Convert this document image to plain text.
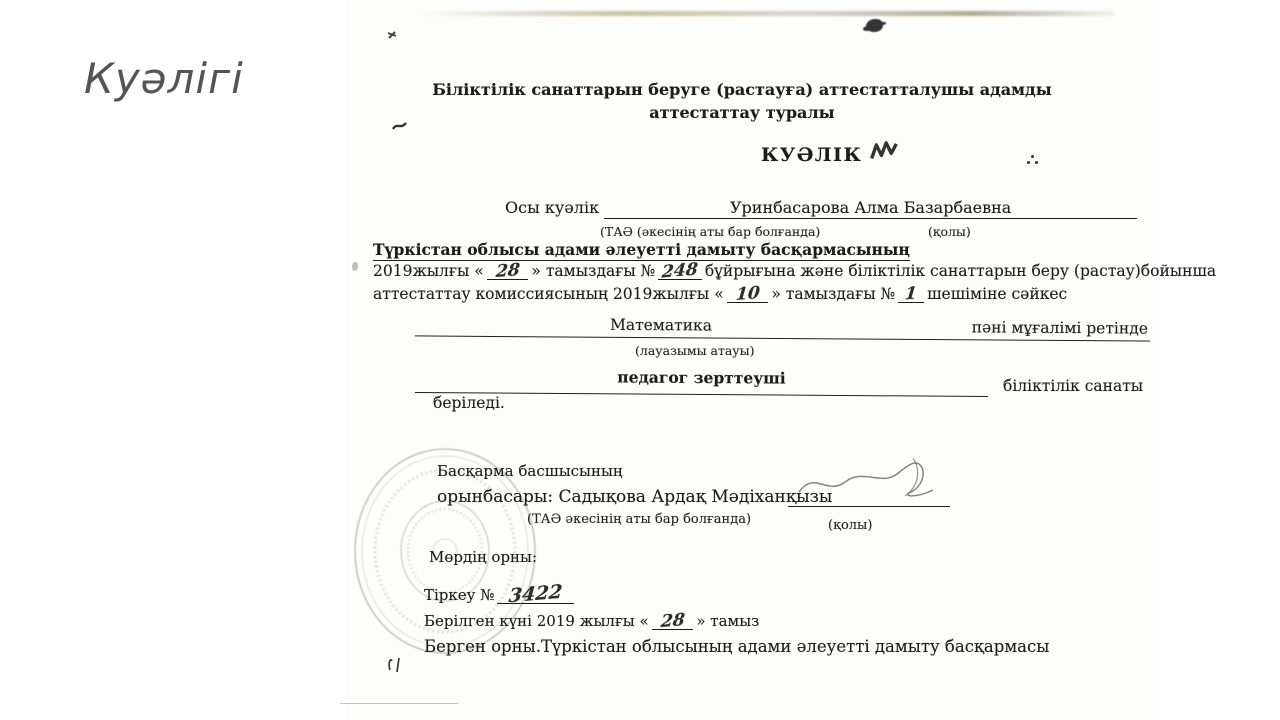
Куәлігі	Біліктілік санаттарын беруге (растауға) аттестатталушы адамды
аттестаттау туралы
КУӘЛІК
Осы куәлік	Уринбасарова Алма Базарбаевна
(ТАӘ (әкесінің аты бар болғанда)	(қолы)
Түркістан облысы адами әлеуетті дамыту басқармасының
2019жылғы « 28 » тамыздағы № 248 бұйрығына және біліктілік санаттарын беру (растау)бойынша
аттестаттау комиссиясының 2019жылғы « 10 » тамыздағы № 1 шешіміне сәйкес
Математика	пәні мұғалімі ретінде
(лауазымы атауы)
педагог зерттеуші	біліктілік санаты
беріледі.
Басқарма басшысының
орынбасары: Садықова Ардақ Мәдіханқызы
(ТАӘ әкесінің аты бар болғанда)	(қолы)
Мөрдің орны:
Тіркеу № 3422
Берілген күні 2019 жылғы « 28 » тамыз
Берген орны.Түркістан облысының адами әлеуетті дамыту басқармасы
